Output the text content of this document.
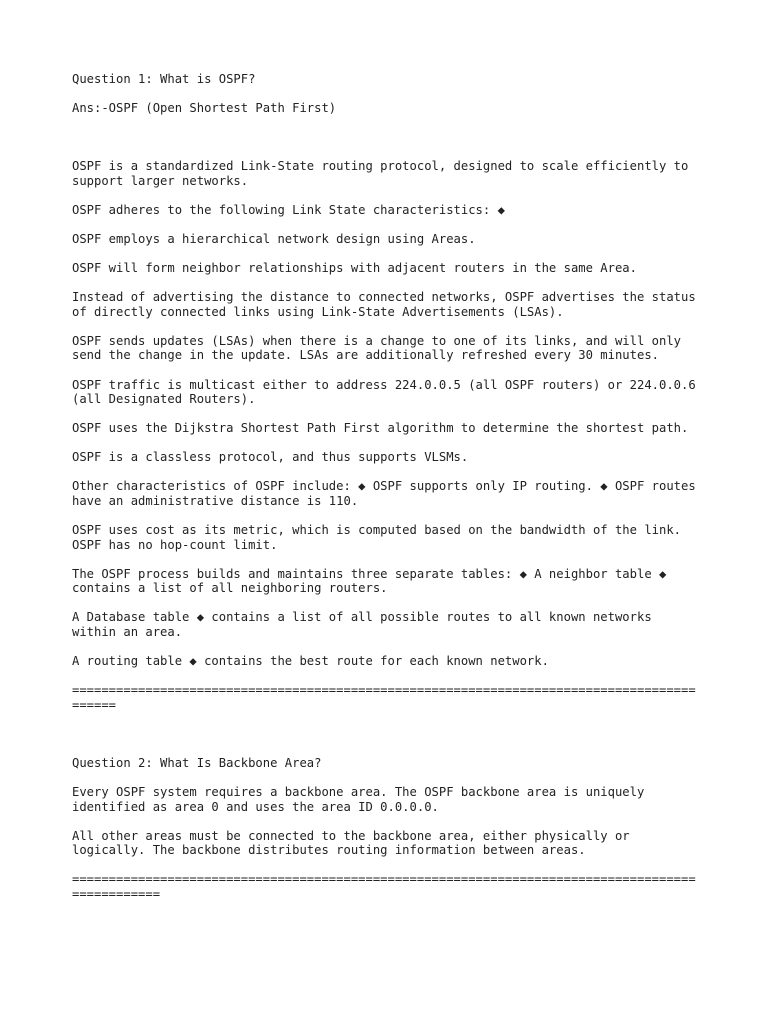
Question 1: What is OSPF?

Ans:-OSPF (Open Shortest Path First)

OSPF is a standardized Link-State routing protocol, designed to scale efficiently to support larger networks.

OSPF adheres to the following Link State characteristics: ◆

OSPF employs a hierarchical network design using Areas.

OSPF will form neighbor relationships with adjacent routers in the same Area.

Instead of advertising the distance to connected networks, OSPF advertises the status of directly connected links using Link-State Advertisements (LSAs).

OSPF sends updates (LSAs) when there is a change to one of its links, and will only send the change in the update. LSAs are additionally refreshed every 30 minutes.

OSPF traffic is multicast either to address 224.0.0.5 (all OSPF routers) or 224.0.0.6 (all Designated Routers).

OSPF uses the Dijkstra Shortest Path First algorithm to determine the shortest path.

OSPF is a classless protocol, and thus supports VLSMs.

Other characteristics of OSPF include: ◆ OSPF supports only IP routing. ◆ OSPF routes have an administrative distance is 110.

OSPF uses cost as its metric, which is computed based on the bandwidth of the link. OSPF has no hop-count limit.

The OSPF process builds and maintains three separate tables: ◆ A neighbor table ◆ contains a list of all neighboring routers.

A Database table ◆ contains a list of all possible routes to all known networks within an area.

A routing table ◆ contains the best route for each known network.

===========================================================================================

Question 2: What Is Backbone Area?

Every OSPF system requires a backbone area. The OSPF backbone area is uniquely identified as area 0 and uses the area ID 0.0.0.0.

All other areas must be connected to the backbone area, either physically or logically. The backbone distributes routing information between areas.

=================================================================================================
